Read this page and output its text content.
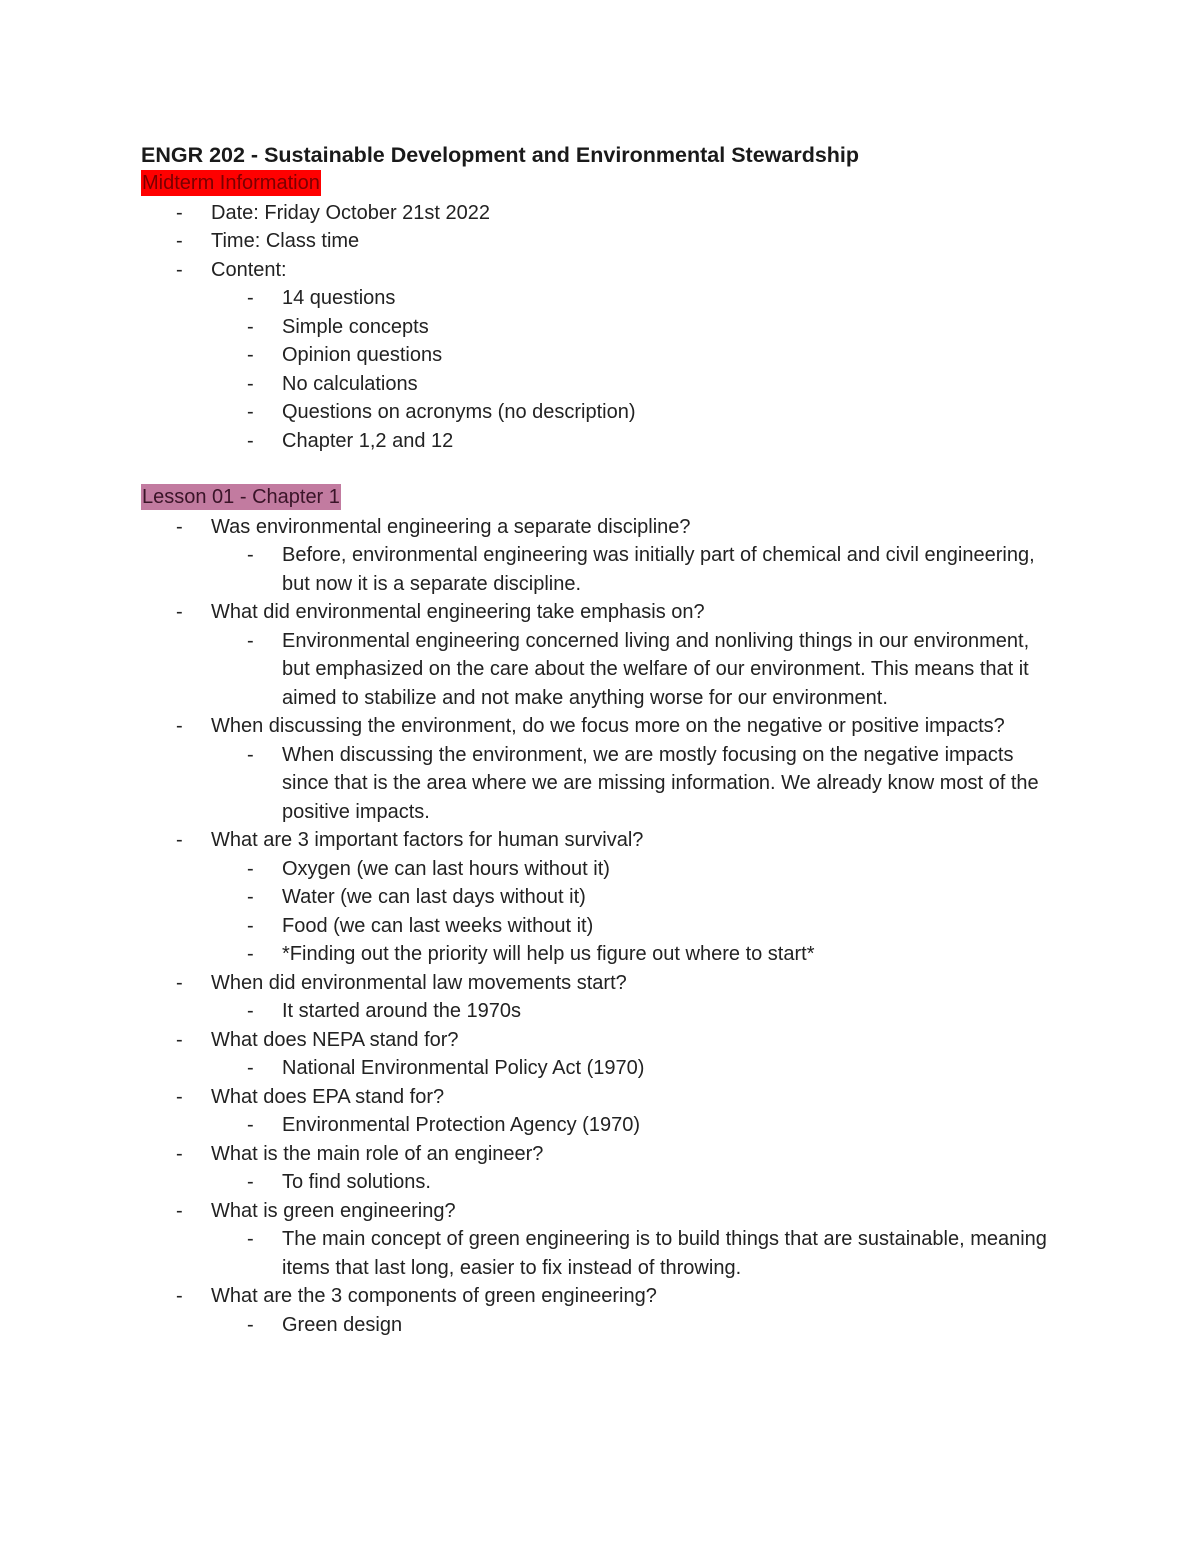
ENGR 202 - Sustainable Development and Environmental Stewardship
Midterm Information
- Date: Friday October 21st 2022
- Time: Class time
- Content:
- 14 questions
- Simple concepts
- Opinion questions
- No calculations
- Questions on acronyms (no description)
- Chapter 1,2 and 12
Lesson 01 - Chapter 1
- Was environmental engineering a separate discipline?
- Before, environmental engineering was initially part of chemical and civil engineering, but now it is a separate discipline.
- What did environmental engineering take emphasis on?
- Environmental engineering concerned living and nonliving things in our environment, but emphasized on the care about the welfare of our environment. This means that it aimed to stabilize and not make anything worse for our environment.
- When discussing the environment, do we focus more on the negative or positive impacts?
- When discussing the environment, we are mostly focusing on the negative impacts since that is the area where we are missing information. We already know most of the positive impacts.
- What are 3 important factors for human survival?
- Oxygen (we can last hours without it)
- Water (we can last days without it)
- Food (we can last weeks without it)
- *Finding out the priority will help us figure out where to start*
- When did environmental law movements start?
- It started around the 1970s
- What does NEPA stand for?
- National Environmental Policy Act (1970)
- What does EPA stand for?
- Environmental Protection Agency (1970)
- What is the main role of an engineer?
- To find solutions.
- What is green engineering?
- The main concept of green engineering is to build things that are sustainable, meaning items that last long, easier to fix instead of throwing.
- What are the 3 components of green engineering?
- Green design
